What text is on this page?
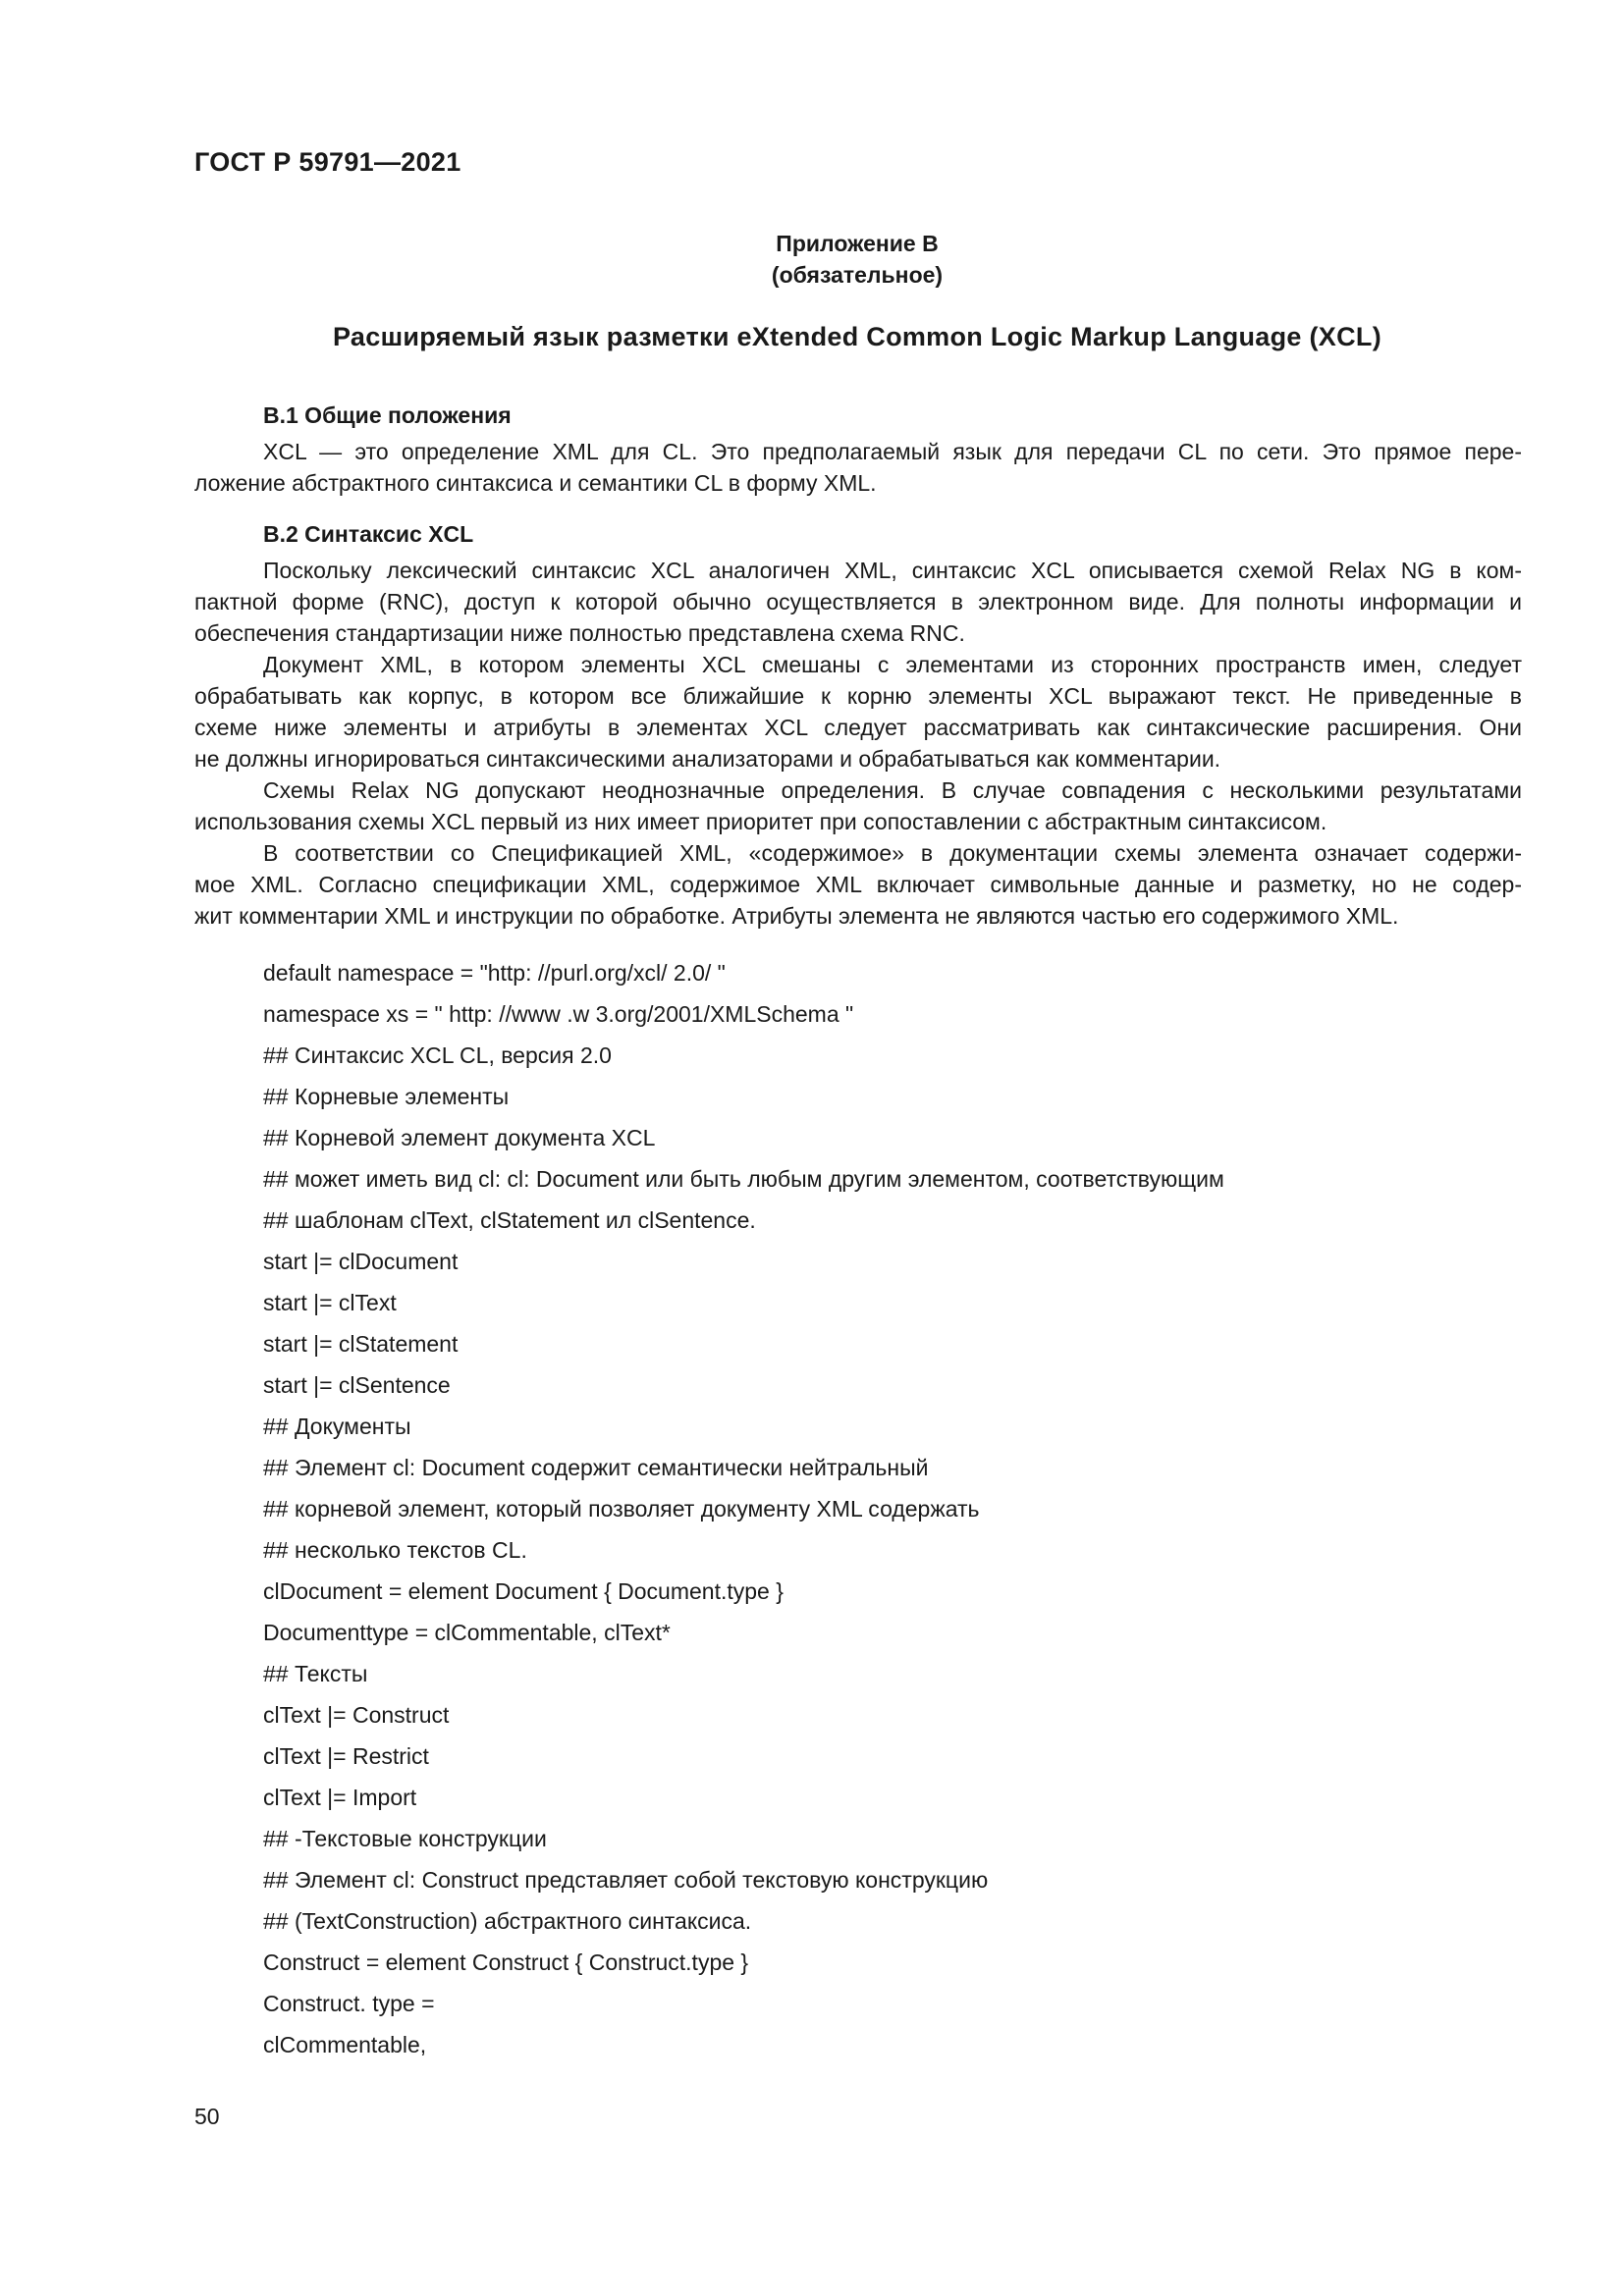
ГОСТ Р 59791—2021
Приложение В
(обязательное)
Расширяемый язык разметки eXtended Common Logic Markup Language (XCL)
В.1 Общие положения
XCL — это определение XML для CL. Это предполагаемый язык для передачи CL по сети. Это прямое пере-
ложение абстрактного синтаксиса и семантики CL в форму XML.
В.2 Синтаксис XCL
Поскольку лексический синтаксис XCL аналогичен XML, синтаксис XCL описывается схемой Relax NG в ком-
пактной форме (RNC), доступ к которой обычно осуществляется в электронном виде. Для полноты информации и
обеспечения стандартизации ниже полностью представлена схема RNC.
Документ XML, в котором элементы XCL смешаны с элементами из сторонних пространств имен, следует
обрабатывать как корпус, в котором все ближайшие к корню элементы XCL выражают текст. Не приведенные в
схеме ниже элементы и атрибуты в элементах XCL следует рассматривать как синтаксические расширения. Они
не должны игнорироваться синтаксическими анализаторами и обрабатываться как комментарии.
Схемы Relax NG допускают неоднозначные определения. В случае совпадения с несколькими результатами
использования схемы XCL первый из них имеет приоритет при сопоставлении с абстрактным синтаксисом.
В соответствии со Спецификацией XML, «содержимое» в документации схемы элемента означает содержи-
мое XML. Согласно спецификации XML, содержимое XML включает символьные данные и разметку, но не содер-
жит комментарии XML и инструкции по обработке. Атрибуты элемента не являются частью его содержимого XML.
default namespace = "http: //purl.org/xcl/ 2.0/ "
namespace xs = " http: //www .w 3.org/2001/XMLSchema "
## Синтаксис XCL CL, версия 2.0
## Корневые элементы
## Корневой элемент документа XCL
## может иметь вид cl: cl: Document или быть любым другим элементом, соответствующим
## шаблонам clText, clStatement ил clSentence.
start |= clDocument
start |= clText
start |= clStatement
start |= clSentence
## Документы
## Элемент cl: Document содержит семантически нейтральный
## корневой элемент, который позволяет документу XML содержать
## несколько текстов CL.
clDocument = element Document { Document.type }
Documenttype = clCommentable, clText*
## Тексты
clText |= Construct
clText |= Restrict
clText |= Import
## -Текстовые конструкции
## Элемент cl: Construct представляет собой текстовую конструкцию
## (TextConstruction) абстрактного синтаксиса.
Construct = element Construct { Construct.type }
Construct. type =
clCommentable,
50
